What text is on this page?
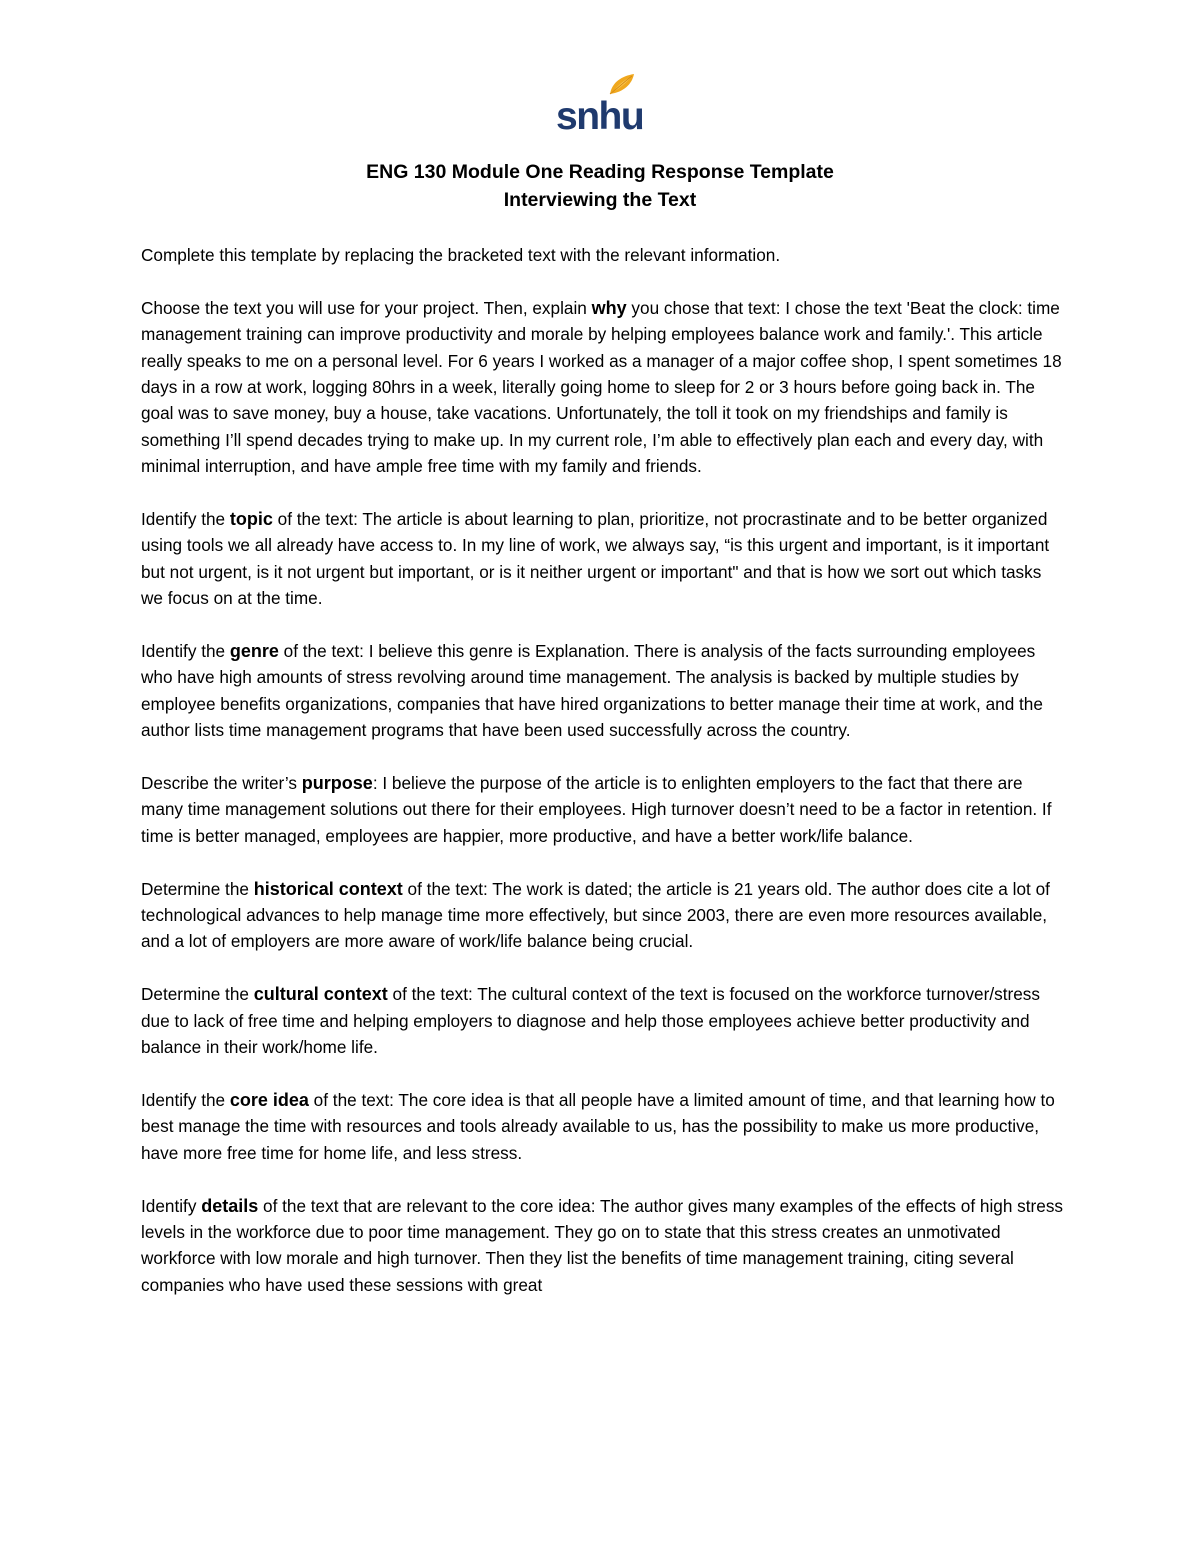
snhu
ENG 130 Module One Reading Response Template
Interviewing the Text

Complete this template by replacing the bracketed text with the relevant information.

Choose the text you will use for your project. Then, explain why you chose that text: I chose the text 'Beat the clock: time management training can improve productivity and morale by helping employees balance work and family.'. This article really speaks to me on a personal level. For 6 years I worked as a manager of a major coffee shop, I spent sometimes 18 days in a row at work, logging 80hrs in a week, literally going home to sleep for 2 or 3 hours before going back in. The goal was to save money, buy a house, take vacations. Unfortunately, the toll it took on my friendships and family is something I’ll spend decades trying to make up. In my current role, I’m able to effectively plan each and every day, with minimal interruption, and have ample free time with my family and friends.

Identify the topic of the text: The article is about learning to plan, prioritize, not procrastinate and to be better organized using tools we all already have access to. In my line of work, we always say, “is this urgent and important, is it important but not urgent, is it not urgent but important, or is it neither urgent or important" and that is how we sort out which tasks we focus on at the time.

Identify the genre of the text: I believe this genre is Explanation. There is analysis of the facts surrounding employees who have high amounts of stress revolving around time management. The analysis is backed by multiple studies by employee benefits organizations, companies that have hired organizations to better manage their time at work, and the author lists time management programs that have been used successfully across the country.

Describe the writer’s purpose: I believe the purpose of the article is to enlighten employers to the fact that there are many time management solutions out there for their employees. High turnover doesn’t need to be a factor in retention. If time is better managed, employees are happier, more productive, and have a better work/life balance.

Determine the historical context of the text: The work is dated; the article is 21 years old. The author does cite a lot of technological advances to help manage time more effectively, but since 2003, there are even more resources available, and a lot of employers are more aware of work/life balance being crucial.

Determine the cultural context of the text: The cultural context of the text is focused on the workforce turnover/stress due to lack of free time and helping employers to diagnose and help those employees achieve better productivity and balance in their work/home life.

Identify the core idea of the text: The core idea is that all people have a limited amount of time, and that learning how to best manage the time with resources and tools already available to us, has the possibility to make us more productive, have more free time for home life, and less stress.

Identify details of the text that are relevant to the core idea: The author gives many examples of the effects of high stress levels in the workforce due to poor time management. They go on to state that this stress creates an unmotivated workforce with low morale and high turnover. Then they list the benefits of time management training, citing several companies who have used these sessions with great
